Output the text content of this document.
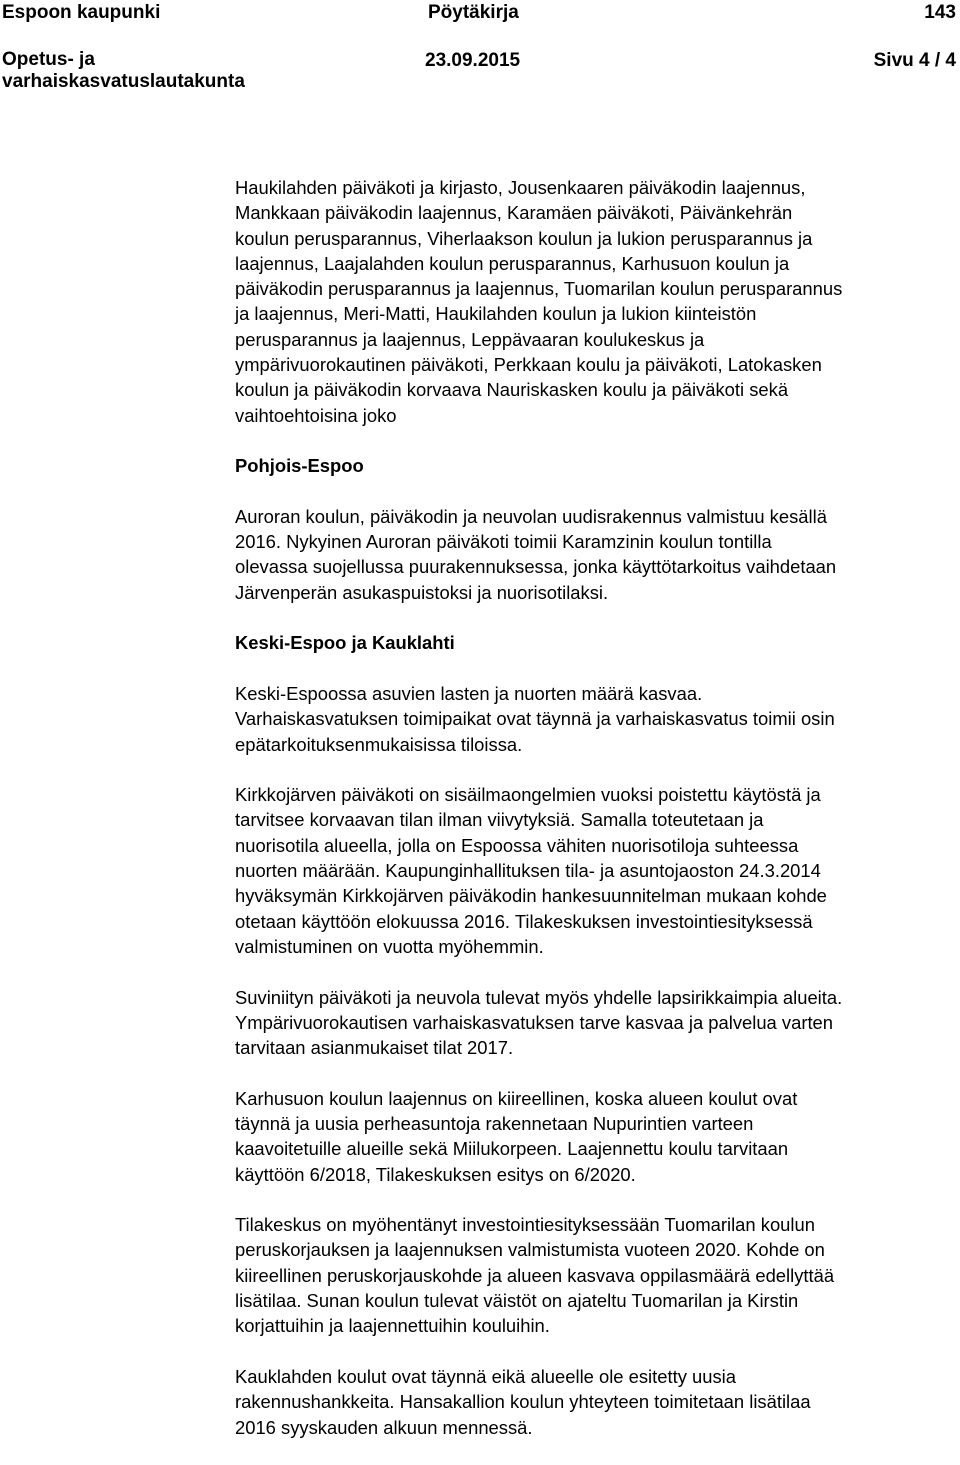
Espoon kaupunki	Pöytäkirja	143
Opetus- ja
varhaiskasvatuslautakunta
23.09.2015	Sivu 4 / 4

Haukilahden päiväkoti ja kirjasto, Jousenkaaren päiväkodin laajennus,
Mankkaan päiväkodin laajennus, Karamäen päiväkoti, Päivänkehrän
koulun perusparannus, Viherlaakson koulun ja lukion perusparannus ja
laajennus, Laajalahden koulun perusparannus, Karhusuon koulun ja
päiväkodin perusparannus ja laajennus, Tuomarilan koulun perusparannus
ja laajennus, Meri-Matti, Haukilahden koulun ja lukion kiinteistön
perusparannus ja laajennus, Leppävaaran koulukeskus ja
ympärivuorokautinen päiväkoti, Perkkaan koulu ja päiväkoti, Latokasken
koulun ja päiväkodin korvaava Nauriskasken koulu ja päiväkoti sekä
vaihtoehtoisina joko

Pohjois-Espoo

Auroran koulun, päiväkodin ja neuvolan uudisrakennus valmistuu kesällä
2016. Nykyinen Auroran päiväkoti toimii Karamzinin koulun tontilla
olevassa suojellussa puurakennuksessa, jonka käyttötarkoitus vaihdetaan
Järvenperän asukaspuistoksi ja nuorisotilaksi.

Keski-Espoo ja Kauklahti

Keski-Espoossa asuvien lasten ja nuorten määrä kasvaa.
Varhaiskasvatuksen toimipaikat ovat täynnä ja varhaiskasvatus toimii osin
epätarkoituksenmukaisissa tiloissa.

Kirkkojärven päiväkoti on sisäilmaongelmien vuoksi poistettu käytöstä ja
tarvitsee korvaavan tilan ilman viivytyksiä. Samalla toteutetaan ja
nuorisotila alueella, jolla on Espoossa vähiten nuorisotiloja suhteessa
nuorten määrään. Kaupunginhallituksen tila- ja asuntojaoston 24.3.2014
hyväksymän Kirkkojärven päiväkodin hankesuunnitelman mukaan kohde
otetaan käyttöön elokuussa 2016. Tilakeskuksen investointiesityksessä
valmistuminen on vuotta myöhemmin.

Suviniityn päiväkoti ja neuvola tulevat myös yhdelle lapsirikkaimpia alueita.
Ympärivuorokautisen varhaiskasvatuksen tarve kasvaa ja palvelua varten
tarvitaan asianmukaiset tilat 2017.

Karhusuon koulun laajennus on kiireellinen, koska alueen koulut ovat
täynnä ja uusia perheasuntoja rakennetaan Nupurintien varteen
kaavoitetuille alueille sekä Miilukorpeen. Laajennettu koulu tarvitaan
käyttöön 6/2018, Tilakeskuksen esitys on 6/2020.

Tilakeskus on myöhentänyt investointiesityksessään Tuomarilan koulun
peruskorjauksen ja laajennuksen valmistumista vuoteen 2020. Kohde on
kiireellinen peruskorjauskohde ja alueen kasvava oppilasmäärä edellyttää
lisätilaa. Sunan koulun tulevat väistöt on ajateltu Tuomarilan ja Kirstin
korjattuihin ja laajennettuihin kouluihin.

Kauklahden koulut ovat täynnä eikä alueelle ole esitetty uusia
rakennushankkeita. Hansakallion koulun yhteyteen toimitetaan lisätilaa
2016 syyskauden alkuun mennessä.
